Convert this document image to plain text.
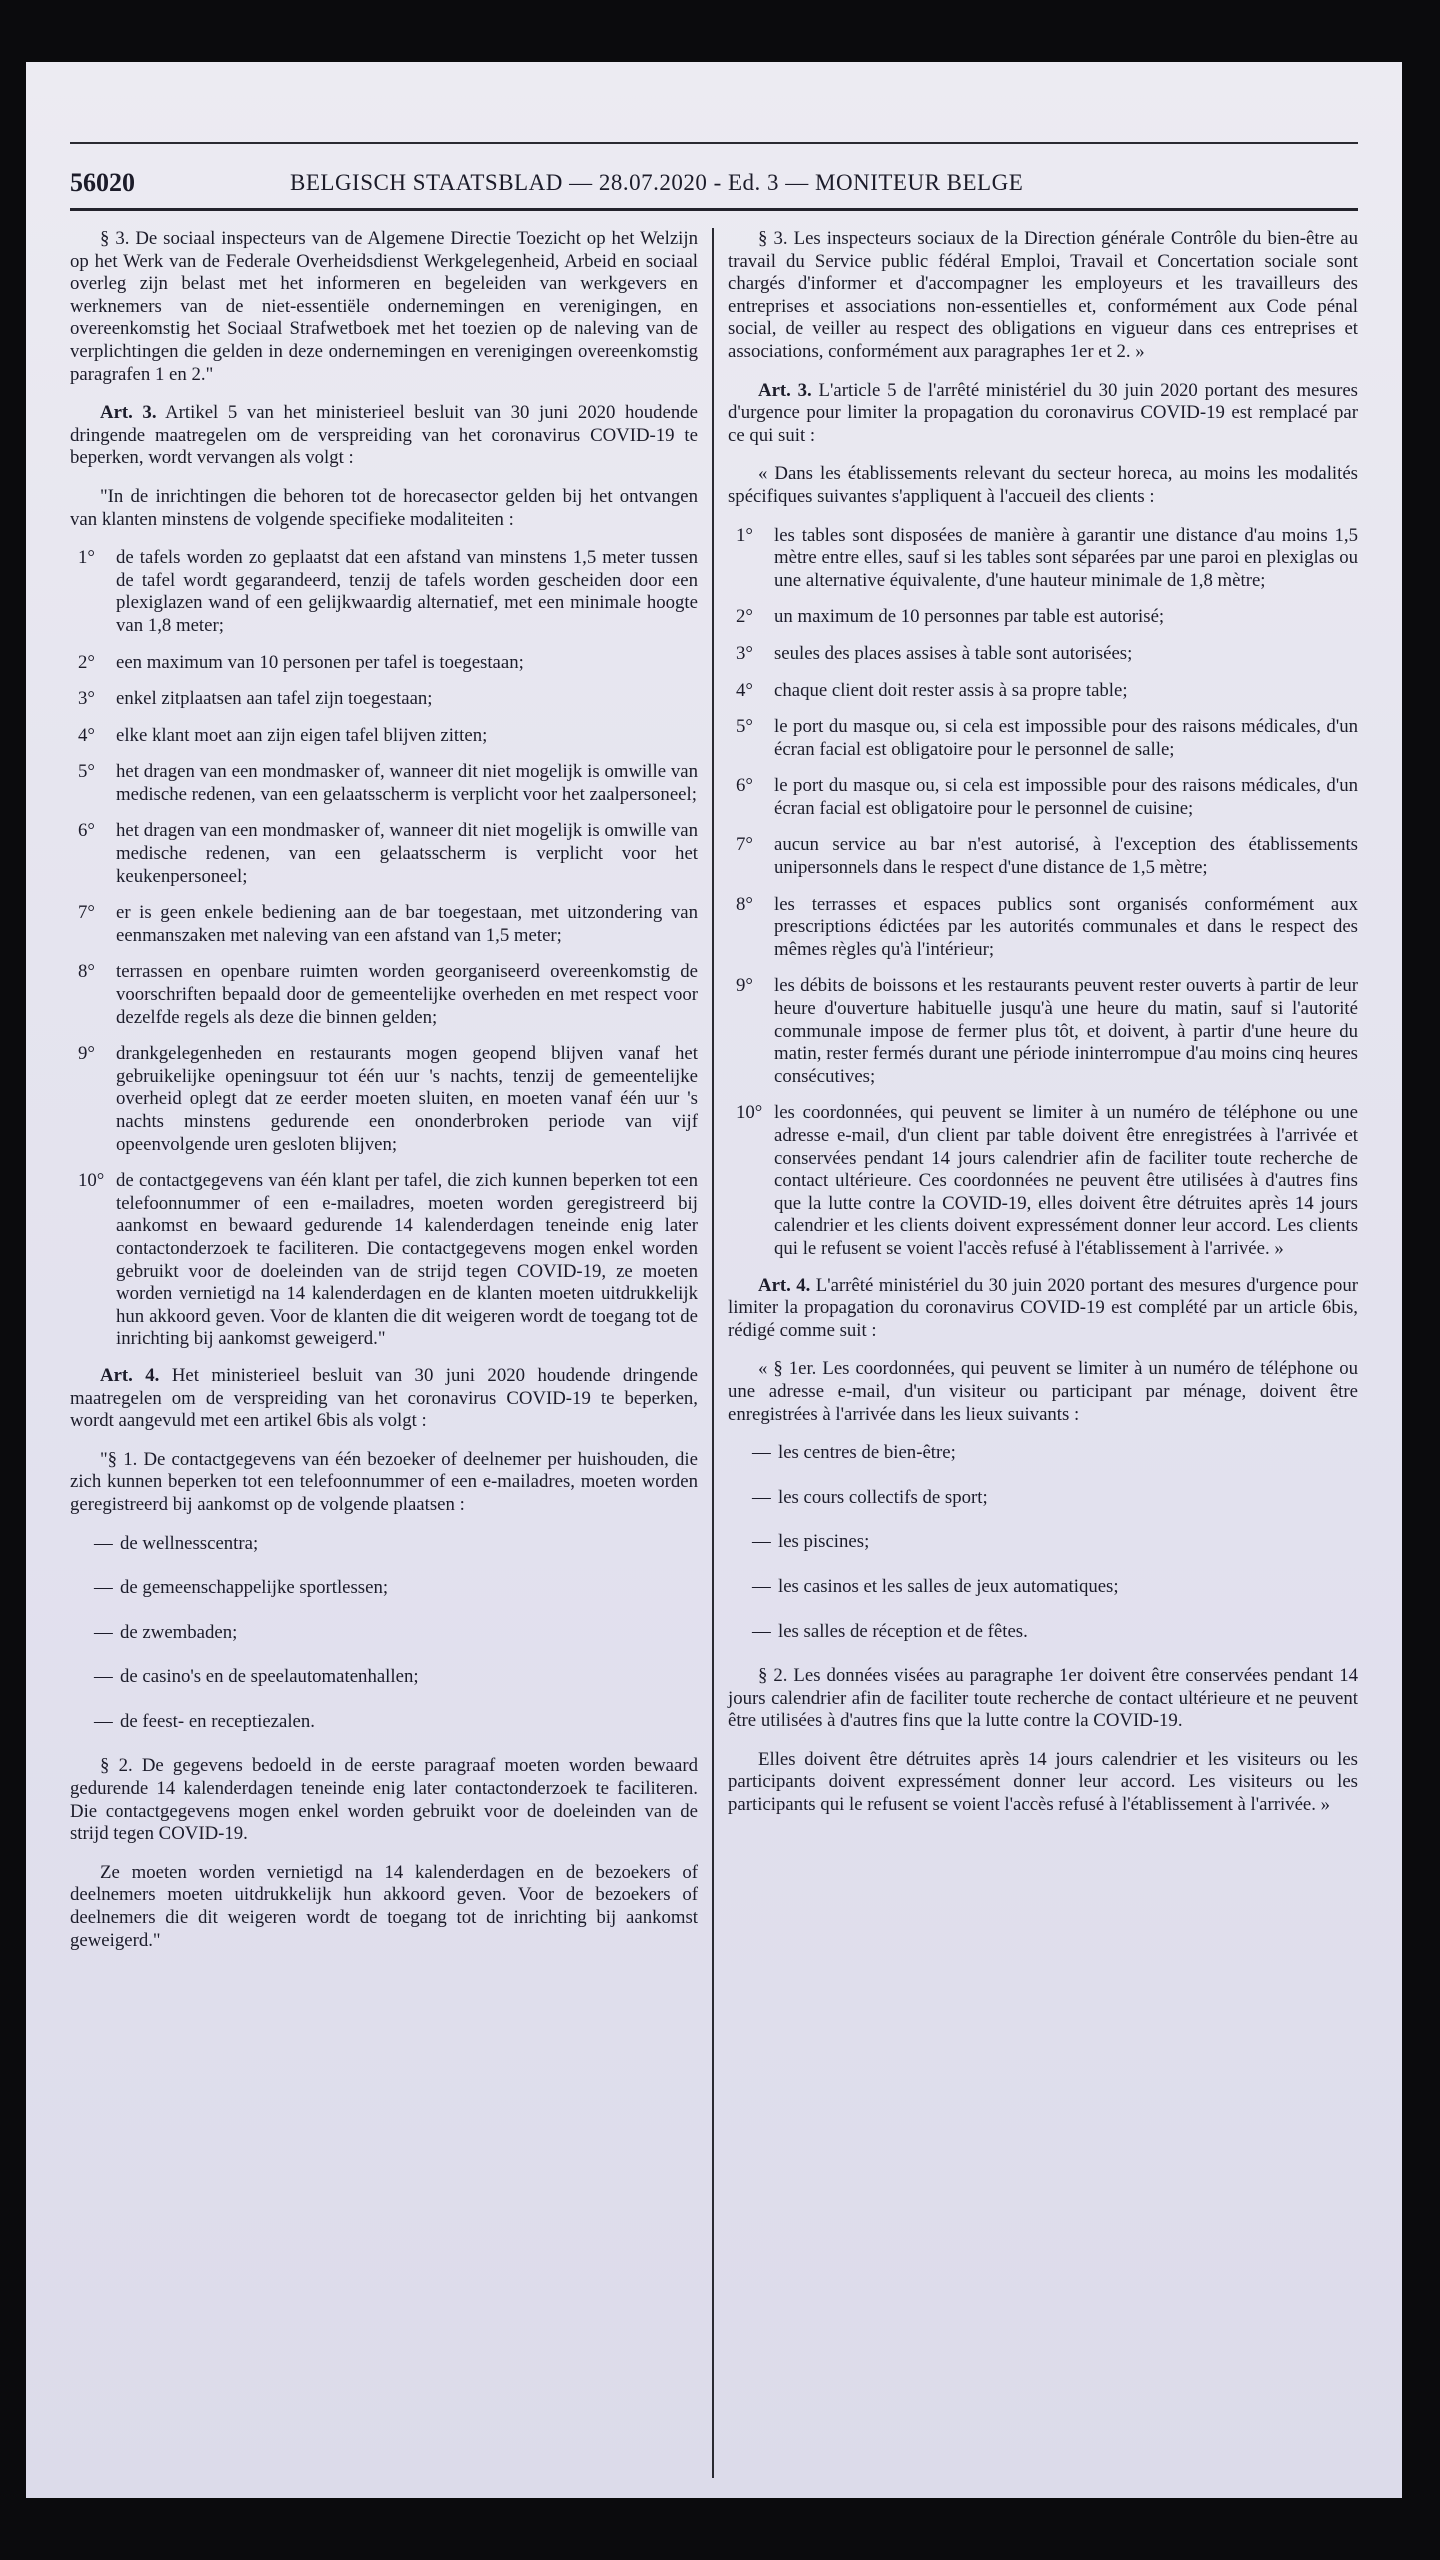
56020	BELGISCH STAATSBLAD — 28.07.2020 - Ed. 3 — MONITEUR BELGE

§ 3. De sociaal inspecteurs van de Algemene Directie Toezicht op het Welzijn op het Werk van de Federale Overheidsdienst Werkgelegenheid, Arbeid en sociaal overleg zijn belast met het informeren en begeleiden van werkgevers en werknemers van de niet-essentiële ondernemingen en verenigingen, en overeenkomstig het Sociaal Strafwetboek met het toezien op de naleving van de verplichtingen die gelden in deze ondernemingen en verenigingen overeenkomstig paragrafen 1 en 2."

Art. 3. Artikel 5 van het ministerieel besluit van 30 juni 2020 houdende dringende maatregelen om de verspreiding van het coronavirus COVID-19 te beperken, wordt vervangen als volgt :

"In de inrichtingen die behoren tot de horecasector gelden bij het ontvangen van klanten minstens de volgende specifieke modaliteiten :

1°	de tafels worden zo geplaatst dat een afstand van minstens 1,5 meter tussen de tafel wordt gegarandeerd, tenzij de tafels worden gescheiden door een plexiglazen wand of een gelijkwaardig alternatief, met een minimale hoogte van 1,8 meter;
2°	een maximum van 10 personen per tafel is toegestaan;
3°	enkel zitplaatsen aan tafel zijn toegestaan;
4°	elke klant moet aan zijn eigen tafel blijven zitten;
5°	het dragen van een mondmasker of, wanneer dit niet mogelijk is omwille van medische redenen, van een gelaatsscherm is verplicht voor het zaalpersoneel;
6°	het dragen van een mondmasker of, wanneer dit niet mogelijk is omwille van medische redenen, van een gelaatsscherm is verplicht voor het keukenpersoneel;
7°	er is geen enkele bediening aan de bar toegestaan, met uitzondering van eenmanszaken met naleving van een afstand van 1,5 meter;
8°	terrassen en openbare ruimten worden georganiseerd overeenkomstig de voorschriften bepaald door de gemeentelijke overheden en met respect voor dezelfde regels als deze die binnen gelden;
9°	drankgelegenheden en restaurants mogen geopend blijven vanaf het gebruikelijke openingsuur tot één uur 's nachts, tenzij de gemeentelijke overheid oplegt dat ze eerder moeten sluiten, en moeten vanaf één uur 's nachts minstens gedurende een ononderbroken periode van vijf opeenvolgende uren gesloten blijven;
10° de contactgegevens van één klant per tafel, die zich kunnen beperken tot een telefoonnummer of een e-mailadres, moeten worden geregistreerd bij aankomst en bewaard gedurende 14 kalenderdagen teneinde enig later contactonderzoek te faciliteren. Die contactgegevens mogen enkel worden gebruikt voor de doeleinden van de strijd tegen COVID-19, ze moeten worden vernietigd na 14 kalenderdagen en de klanten moeten uitdrukkelijk hun akkoord geven. Voor de klanten die dit weigeren wordt de toegang tot de inrichting bij aankomst geweigerd."

Art. 4. Het ministerieel besluit van 30 juni 2020 houdende dringende maatregelen om de verspreiding van het coronavirus COVID-19 te beperken, wordt aangevuld met een artikel 6bis als volgt :

"§ 1. De contactgegevens van één bezoeker of deelnemer per huishouden, die zich kunnen beperken tot een telefoonnummer of een e-mailadres, moeten worden geregistreerd bij aankomst op de volgende plaatsen :

— de wellnesscentra;
— de gemeenschappelijke sportlessen;
— de zwembaden;
— de casino's en de speelautomatenhallen;
— de feest- en receptiezalen.

§ 2. De gegevens bedoeld in de eerste paragraaf moeten worden bewaard gedurende 14 kalenderdagen teneinde enig later contactonderzoek te faciliteren. Die contactgegevens mogen enkel worden gebruikt voor de doeleinden van de strijd tegen COVID-19.

Ze moeten worden vernietigd na 14 kalenderdagen en de bezoekers of deelnemers moeten uitdrukkelijk hun akkoord geven. Voor de bezoekers of deelnemers die dit weigeren wordt de toegang tot de inrichting bij aankomst geweigerd."

§ 3. Les inspecteurs sociaux de la Direction générale Contrôle du bien-être au travail du Service public fédéral Emploi, Travail et Concertation sociale sont chargés d'informer et d'accompagner les employeurs et les travailleurs des entreprises et associations non-essentielles et, conformément aux Code pénal social, de veiller au respect des obligations en vigueur dans ces entreprises et associations, conformément aux paragraphes 1er et 2. »

Art. 3. L'article 5 de l'arrêté ministériel du 30 juin 2020 portant des mesures d'urgence pour limiter la propagation du coronavirus COVID-19 est remplacé par ce qui suit :

« Dans les établissements relevant du secteur horeca, au moins les modalités spécifiques suivantes s'appliquent à l'accueil des clients :

1°	les tables sont disposées de manière à garantir une distance d'au moins 1,5 mètre entre elles, sauf si les tables sont séparées par une paroi en plexiglas ou une alternative équivalente, d'une hauteur minimale de 1,8 mètre;
2°	un maximum de 10 personnes par table est autorisé;
3°	seules des places assises à table sont autorisées;
4°	chaque client doit rester assis à sa propre table;
5°	le port du masque ou, si cela est impossible pour des raisons médicales, d'un écran facial est obligatoire pour le personnel de salle;
6°	le port du masque ou, si cela est impossible pour des raisons médicales, d'un écran facial est obligatoire pour le personnel de cuisine;
7°	aucun service au bar n'est autorisé, à l'exception des établissements unipersonnels dans le respect d'une distance de 1,5 mètre;
8°	les terrasses et espaces publics sont organisés conformément aux prescriptions édictées par les autorités communales et dans le respect des mêmes règles qu'à l'intérieur;
9°	les débits de boissons et les restaurants peuvent rester ouverts à partir de leur heure d'ouverture habituelle jusqu'à une heure du matin, sauf si l'autorité communale impose de fermer plus tôt, et doivent, à partir d'une heure du matin, rester fermés durant une période ininterrompue d'au moins cinq heures consécutives;
10° les coordonnées, qui peuvent se limiter à un numéro de téléphone ou une adresse e-mail, d'un client par table doivent être enregistrées à l'arrivée et conservées pendant 14 jours calendrier afin de faciliter toute recherche de contact ultérieure. Ces coordonnées ne peuvent être utilisées à d'autres fins que la lutte contre la COVID-19, elles doivent être détruites après 14 jours calendrier et les clients doivent expressément donner leur accord. Les clients qui le refusent se voient l'accès refusé à l'établissement à l'arrivée. »

Art. 4. L'arrêté ministériel du 30 juin 2020 portant des mesures d'urgence pour limiter la propagation du coronavirus COVID-19 est complété par un article 6bis, rédigé comme suit :

« § 1er. Les coordonnées, qui peuvent se limiter à un numéro de téléphone ou une adresse e-mail, d'un visiteur ou participant par ménage, doivent être enregistrées à l'arrivée dans les lieux suivants :

— les centres de bien-être;
— les cours collectifs de sport;
— les piscines;
— les casinos et les salles de jeux automatiques;
— les salles de réception et de fêtes.

§ 2. Les données visées au paragraphe 1er doivent être conservées pendant 14 jours calendrier afin de faciliter toute recherche de contact ultérieure et ne peuvent être utilisées à d'autres fins que la lutte contre la COVID-19.

Elles doivent être détruites après 14 jours calendrier et les visiteurs ou les participants doivent expressément donner leur accord. Les visiteurs ou les participants qui le refusent se voient l'accès refusé à l'établissement à l'arrivée. »
